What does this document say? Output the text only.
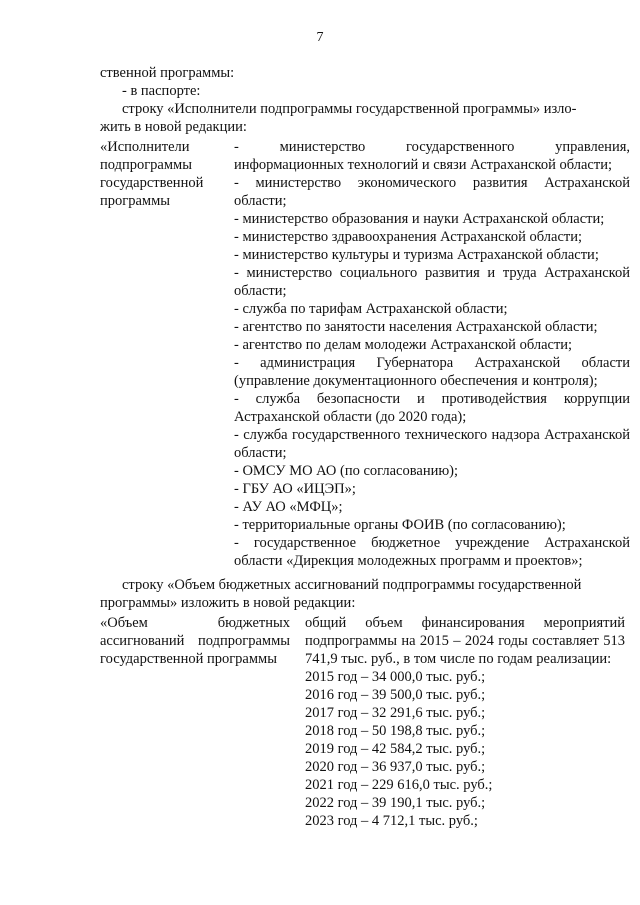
7
ственной программы:
- в паспорте:
строку «Исполнители подпрограммы государственной программы» изло-
жить в новой редакции:
«Исполнители подпрограммы государственной программы
- министерство государственного управления, информационных технологий и связи Астраханской области;
- министерство экономического развития Астраханской области;
- министерство образования и науки Астраханской области;
- министерство здравоохранения Астраханской области;
- министерство культуры и туризма Астраханской области;
- министерство социального развития и труда Астраханской области;
- служба по тарифам Астраханской области;
- агентство по занятости населения Астраханской области;
- агентство по делам молодежи Астраханской области;
- администрация Губернатора Астраханской области (управление документационного обеспечения и контроля);
- служба безопасности и противодействия коррупции Астраханской области (до 2020 года);
- служба государственного технического надзора Астраханской области;
- ОМСУ МО АО (по согласованию);
- ГБУ АО «ИЦЭП»;
- АУ АО «МФЦ»;
- территориальные органы ФОИВ (по согласованию);
- государственное бюджетное учреждение Астраханской области «Дирекция молодежных программ и проектов»;
строку «Объем бюджетных ассигнований подпрограммы государственной
программы» изложить в новой редакции:
«Объем бюджетных ассигнований подпрограммы государственной программы
общий объем финансирования мероприятий подпрограммы на 2015 – 2024 годы составляет 513 741,9 тыс. руб., в том числе по годам реализации:
2015 год – 34 000,0 тыс. руб.;
2016 год – 39 500,0 тыс. руб.;
2017 год – 32 291,6 тыс. руб.;
2018 год – 50 198,8 тыс. руб.;
2019 год – 42 584,2 тыс. руб.;
2020 год – 36 937,0 тыс. руб.;
2021 год – 229 616,0 тыс. руб.;
2022 год – 39 190,1 тыс. руб.;
2023 год – 4 712,1 тыс. руб.;
